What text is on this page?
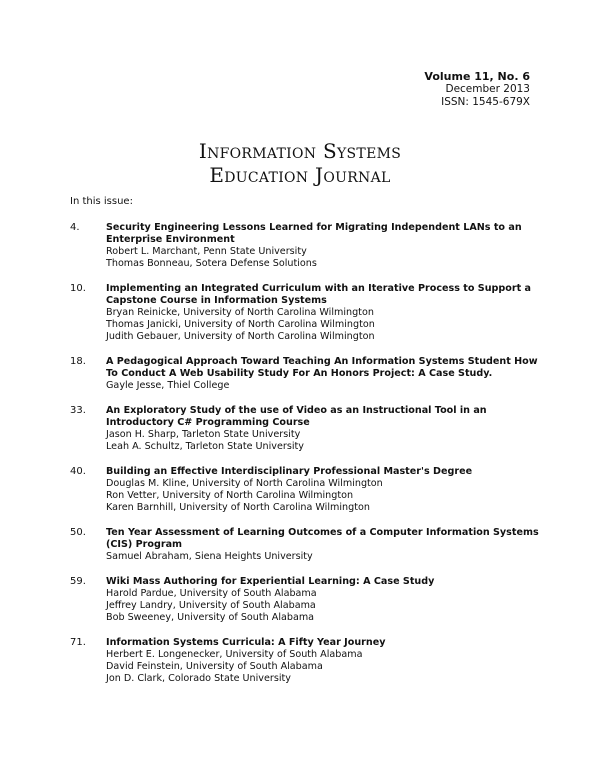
Volume 11, No. 6
December 2013
ISSN: 1545-679X
Information Systems
Education Journal
In this issue:
4.	Security Engineering Lessons Learned for Migrating Independent LANs to an Enterprise Environment
Robert L. Marchant, Penn State University
Thomas Bonneau, Sotera Defense Solutions
10.	Implementing an Integrated Curriculum with an Iterative Process to Support a Capstone Course in Information Systems
Bryan Reinicke, University of North Carolina Wilmington
Thomas Janicki, University of North Carolina Wilmington
Judith Gebauer, University of North Carolina Wilmington
18.	A Pedagogical Approach Toward Teaching An Information Systems Student How To Conduct A Web Usability Study For An Honors Project: A Case Study.
Gayle Jesse, Thiel College
33.	An Exploratory Study of the use of Video as an Instructional Tool in an Introductory C# Programming Course
Jason H. Sharp, Tarleton State University
Leah A. Schultz, Tarleton State University
40.	Building an Effective Interdisciplinary Professional Master's Degree
Douglas M. Kline, University of North Carolina Wilmington
Ron Vetter, University of North Carolina Wilmington
Karen Barnhill, University of North Carolina Wilmington
50.	Ten Year Assessment of Learning Outcomes of a Computer Information Systems (CIS) Program
Samuel Abraham, Siena Heights University
59.	Wiki Mass Authoring for Experiential Learning: A Case Study
Harold Pardue, University of South Alabama
Jeffrey Landry, University of South Alabama
Bob Sweeney, University of South Alabama
71.	Information Systems Curricula: A Fifty Year Journey
Herbert E. Longenecker, University of South Alabama
David Feinstein, University of South Alabama
Jon D. Clark, Colorado State University
